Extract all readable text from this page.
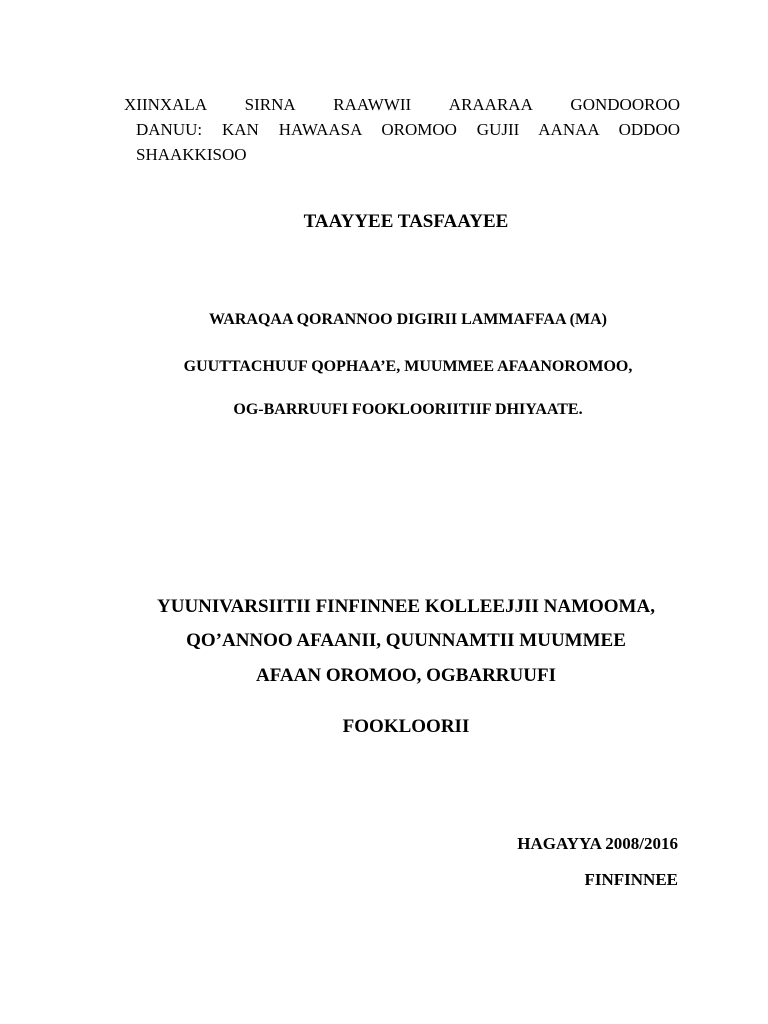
XIINXALA SIRNA RAAWWII ARAARAA GONDOOROO
DANUU: KAN HAWAASA OROMOO GUJII AANAA ODDOO
SHAAKKISOO
TAAYYEE TASFAAYEE
WARAQAA QORANNOO DIGIRII LAMMAFFAA (MA)
GUUTTACHUUF QOPHAA’E, MUUMMEE AFAANOROMOO,
OG-BARRUUFI FOOKLOORIITIIF DHIYAATE.
YUUNIVARSIITII FINFINNEE KOLLEEJJII NAMOOMA,
QO’ANNOO AFAANII, QUUNNAMTII MUUMMEE
AFAAN OROMOO, OGBARRUUFI
FOOKLOORII
HAGAYYA 2008/2016
FINFINNEE
